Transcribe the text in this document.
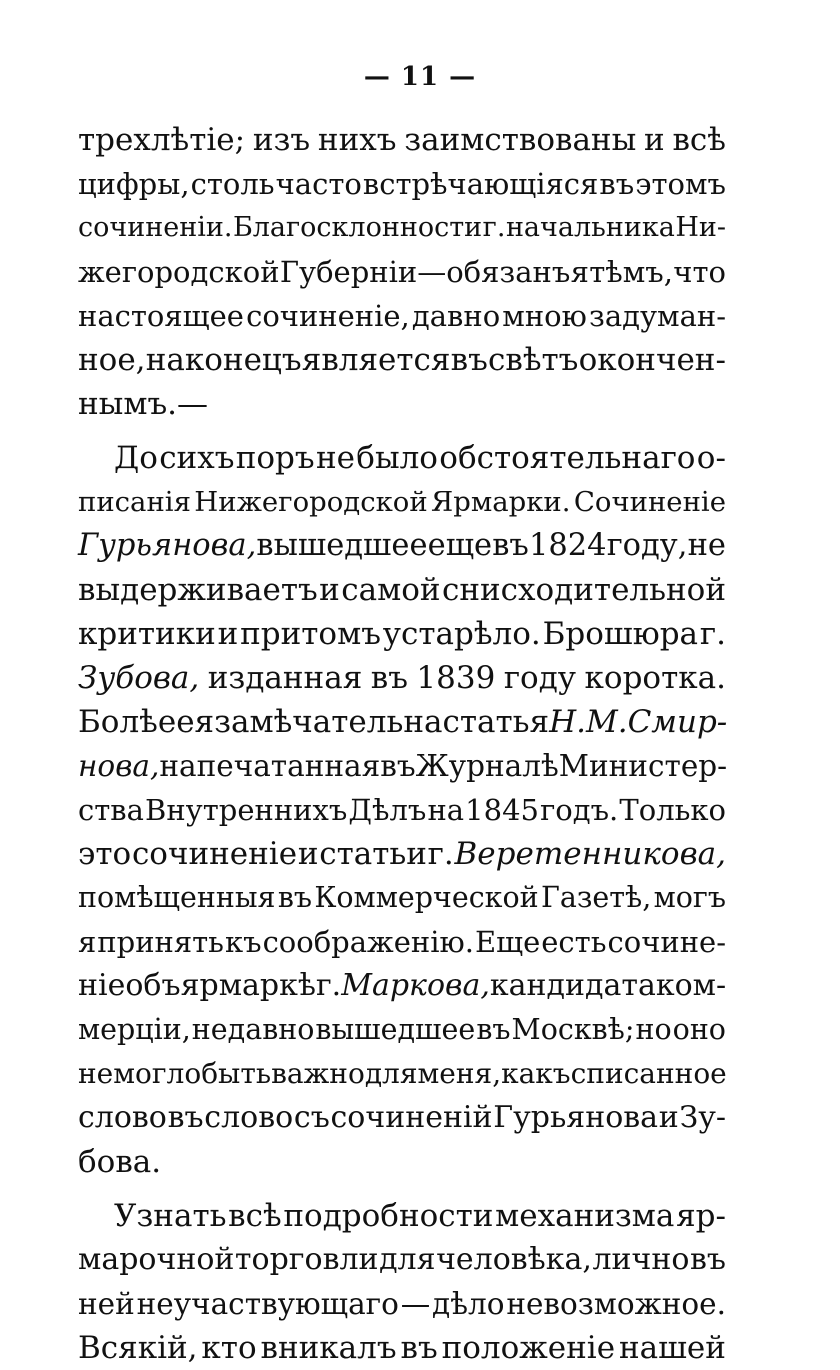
— 11 —
трехлѣтіе; изъ нихъ заимствованы и всѣ
цифры, столь часто встрѣчающіяся въ этомъ
сочиненіи. Благосклонности г. начальника Ни-
жегородской Губерніи—обязанъ я тѣмъ, что
настоящее сочиненіе, давно мною задуман-
ное, наконецъ является въ свѣтъ окончен-
нымъ.—
До сихъ поръ не было обстоятельнаго о-
писанія Нижегородской Ярмарки. Сочиненіе
Гурьянова, вышедшее еще въ 1824 году, не
выдерживаетъ и самой снисходительной
критики и притомъ устарѣло. Брошюра г.
Зубова, изданная въ 1839 году коротка.
Болѣе ея замѣчательна статья Н. М. Смир-
нова, напечатанная въ Журналѣ Министер-
ства Внутреннихъ Дѣлъ на 1845 годъ. Только
это сочиненіе и статьи г. Веретенникова,
помѣщенныя въ Коммерческой Газетѣ, могъ
я принять къ соображенію. Еще есть сочине-
ніе объ ярмаркѣ г. Маркова, кандидата ком-
мерціи, недавно вышедшее въ Москвѣ; но оно
не могло быть важно для меня, какъ списанное
слово въ слово съ сочиненій Гурьянова и Зу-
бова.
Узнать всѣ подробности механизма яр-
марочной торговли для человѣка, лично въ
ней неучаствующаго — дѣло невозможное.
Всякій, кто вникалъ въ положеніе нашей
